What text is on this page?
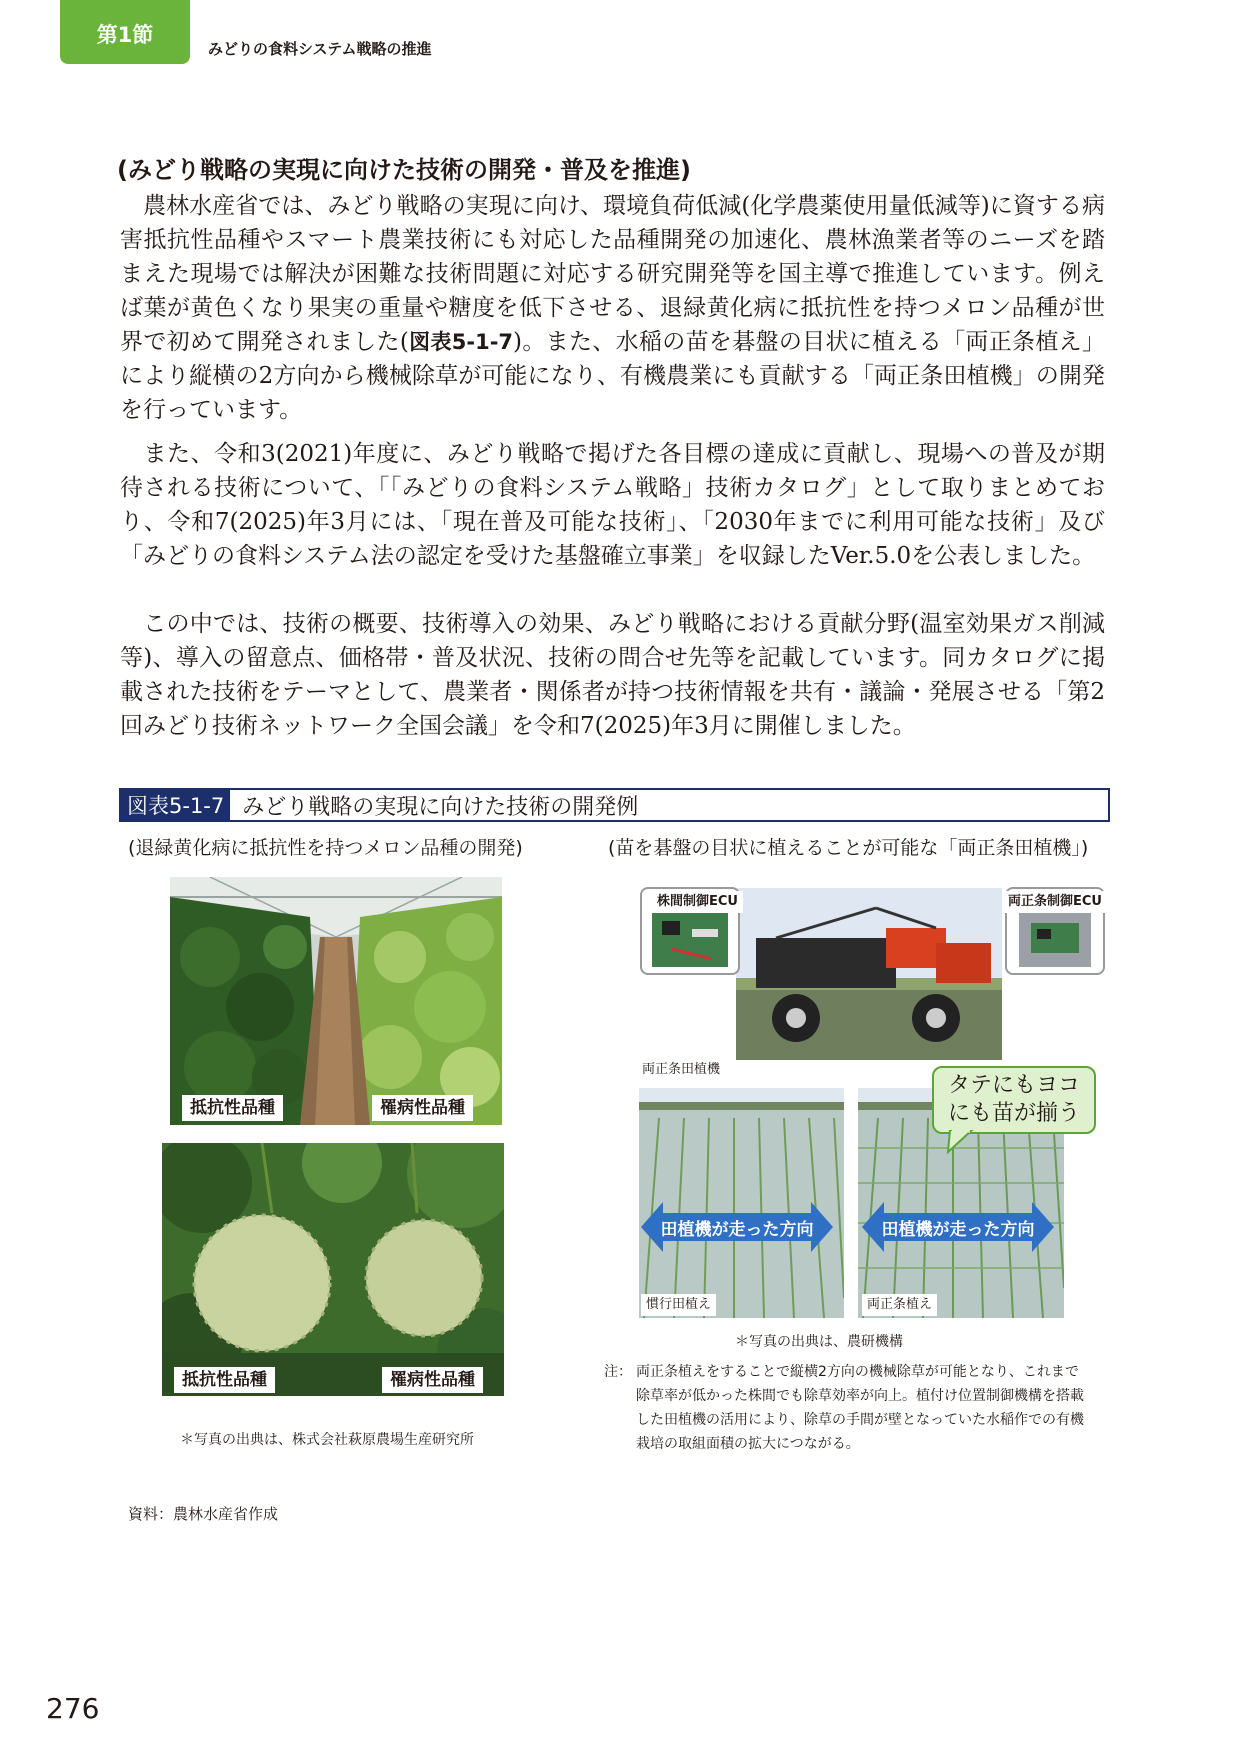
第1節
みどりの食料システム戦略の推進
(みどり戦略の実現に向けた技術の開発・普及を推進)

　農林水産省では、みどり戦略の実現に向け、環境負荷低減(化学農薬使用量低減等)に資する病害抵抗性品種やスマート農業技術にも対応した品種開発の加速化、農林漁業者等のニーズを踏まえた現場では解決が困難な技術問題に対応する研究開発等を国主導で推進しています。例えば葉が黄色くなり果実の重量や糖度を低下させる、退緑黄化病に抵抗性を持つメロン品種が世界で初めて開発されました(図表5-1-7)。また、水稲の苗を碁盤の目状に植える「両正条植え」により縦横の2方向から機械除草が可能になり、有機農業にも貢献する「両正条田植機」の開発を行っています。

　また、令和3(2021)年度に、みどり戦略で掲げた各目標の達成に貢献し、現場への普及が期待される技術について、「「みどりの食料システム戦略」技術カタログ」として取りまとめており、令和7(2025)年3月には、「現在普及可能な技術」、「2030年までに利用可能な技術」及び「みどりの食料システム法の認定を受けた基盤確立事業」を収録したVer.5.0を公表しました。

　この中では、技術の概要、技術導入の効果、みどり戦略における貢献分野(温室効果ガス削減等)、導入の留意点、価格帯・普及状況、技術の問合せ先等を記載しています。同カタログに掲載された技術をテーマとして、農業者・関係者が持つ技術情報を共有・議論・発展させる「第2回みどり技術ネットワーク全国会議」を令和7(2025)年3月に開催しました。

図表5-1-7 みどり戦略の実現に向けた技術の開発例
(退緑黄化病に抵抗性を持つメロン品種の開発)	(苗を碁盤の目状に植えることが可能な「両正条田植機」)
抵抗性品種	罹病性品種
抵抗性品種	罹病性品種
＊写真の出典は、株式会社萩原農場生産研究所
株間制御ECU	両正条制御ECU
両正条田植機
田植機が走った方向	田植機が走った方向
慣行田植え	両正条植え
タテにもヨコ
にも苗が揃う
＊写真の出典は、農研機構
注： 両正条植えをすることで縦横2方向の機械除草が可能となり、これまで除草率が低かった株間でも除草効率が向上。植付け位置制御機構を搭載した田植機の活用により、除草の手間が壁となっていた水稲作での有機栽培の取組面積の拡大につながる。
資料：農林水産省作成
276
